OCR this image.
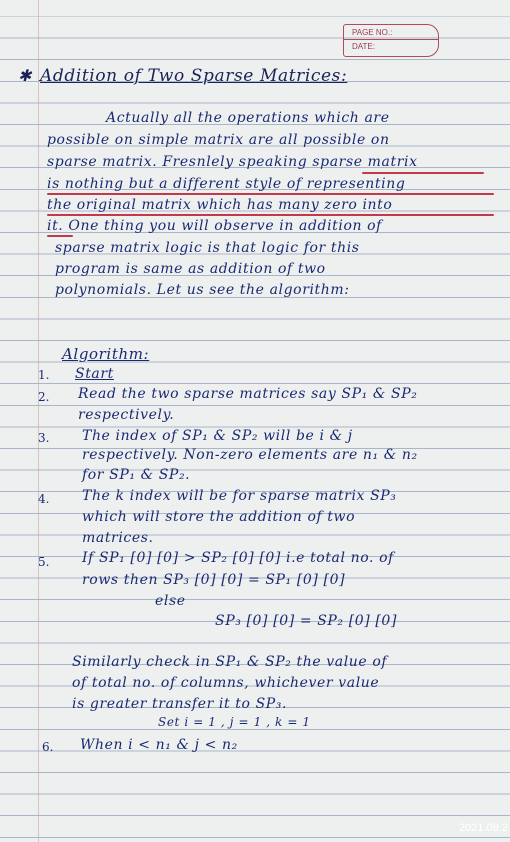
PAGE NO.:
DATE:
✱ Addition of Two Sparse Matrices:
Actually all the operations which are
possible on simple matrix are all possible on
sparse matrix. Fresnlely speaking sparse matrix
is nothing but a different style of representing
the original matrix which has many zero into
it. One thing you will observe in addition of
sparse matrix logic is that logic for this
program is same as addition of two
polynomials. Let us see the algorithm:
Algorithm:
1. Start
2. Read the two sparse matrices say SP₁ & SP₂
respectively.
3. The index of SP₁ & SP₂ will be i & j
respectively. Non-zero elements are n₁ & n₂
for SP₁ & SP₂.
4. The k index will be for sparse matrix SP₃
which will store the addition of two
matrices.
5. If SP₁ [0] [0] > SP₂ [0] [0] i.e total no. of
rows then SP₃ [0] [0] = SP₁ [0] [0]
else
SP₃ [0] [0] = SP₂ [0] [0]
Similarly check in SP₁ & SP₂ the value of
of total no. of columns, whichever value
is greater transfer it to SP₃.
Set i = 1 , j = 1 , k = 1
6. When i < n₁ & j < n₂
2021.09.2
